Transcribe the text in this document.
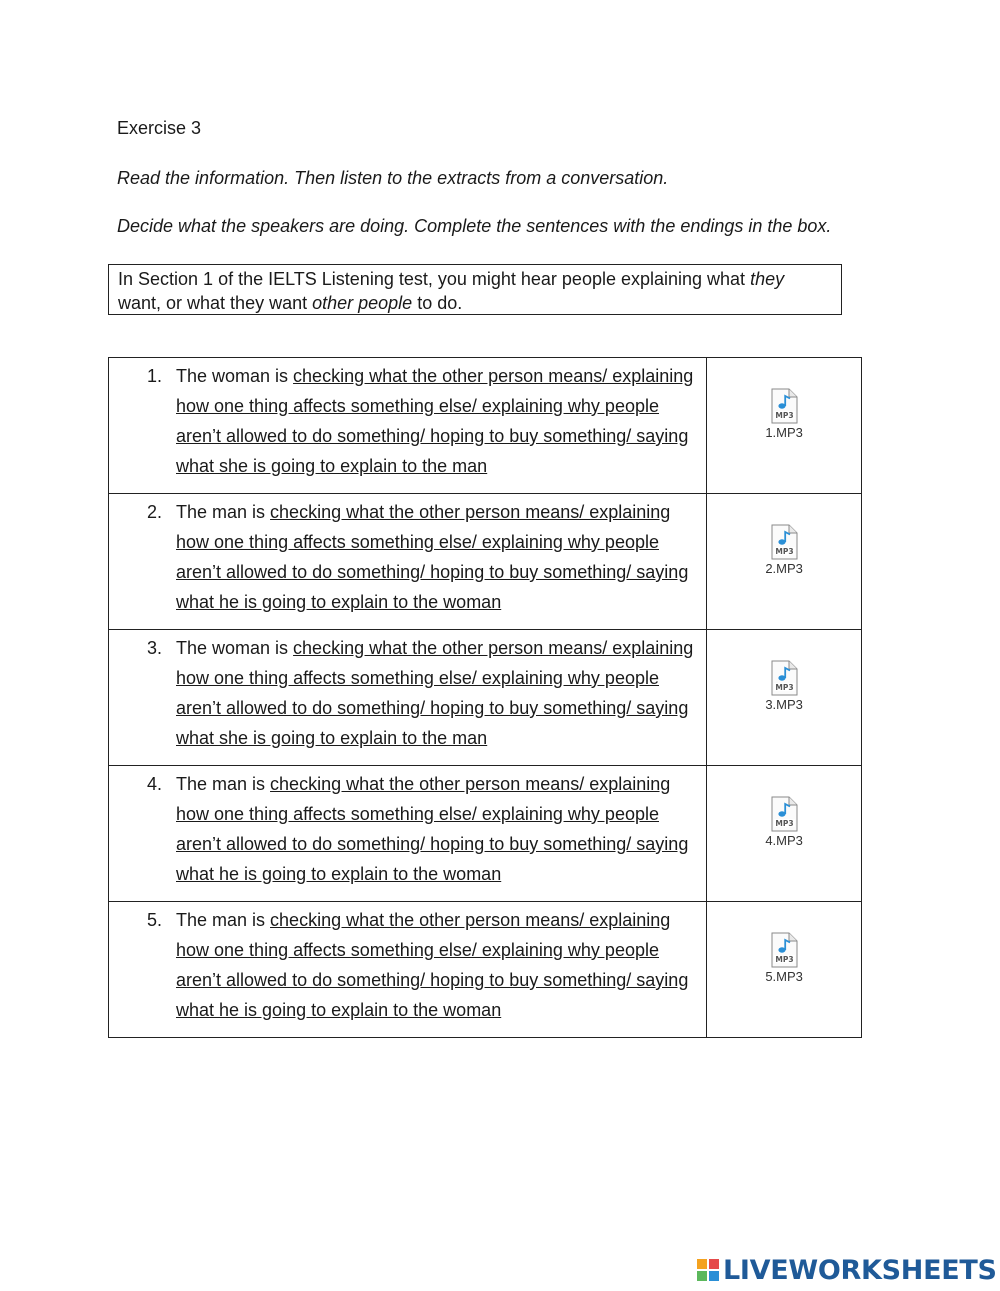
Exercise 3
Read the information. Then listen to the extracts from a conversation.
Decide what the speakers are doing. Complete the sentences with the endings in the box.
In Section 1 of the IELTS Listening test, you might hear people explaining what they want, or what they want other people to do.
1. The woman is checking what the other person means/ explaining how one thing affects something else/ explaining why people aren’t allowed to do something/ hoping to buy something/ saying what she is going to explain to the man	MP3
1.MP3

2. The man is checking what the other person means/ explaining how one thing affects something else/ explaining why people aren’t allowed to do something/ hoping to buy something/ saying what he is going to explain to the woman	MP3
2.MP3

3. The woman is checking what the other person means/ explaining how one thing affects something else/ explaining why people aren’t allowed to do something/ hoping to buy something/ saying what she is going to explain to the man	MP3
3.MP3

4. The man is checking what the other person means/ explaining how one thing affects something else/ explaining why people aren’t allowed to do something/ hoping to buy something/ saying what he is going to explain to the woman	MP3
4.MP3

5. The man is checking what the other person means/ explaining how one thing affects something else/ explaining why people aren’t allowed to do something/ hoping to buy something/ saying what he is going to explain to the woman	MP3
5.MP3
LIVEWORKSHEETS
